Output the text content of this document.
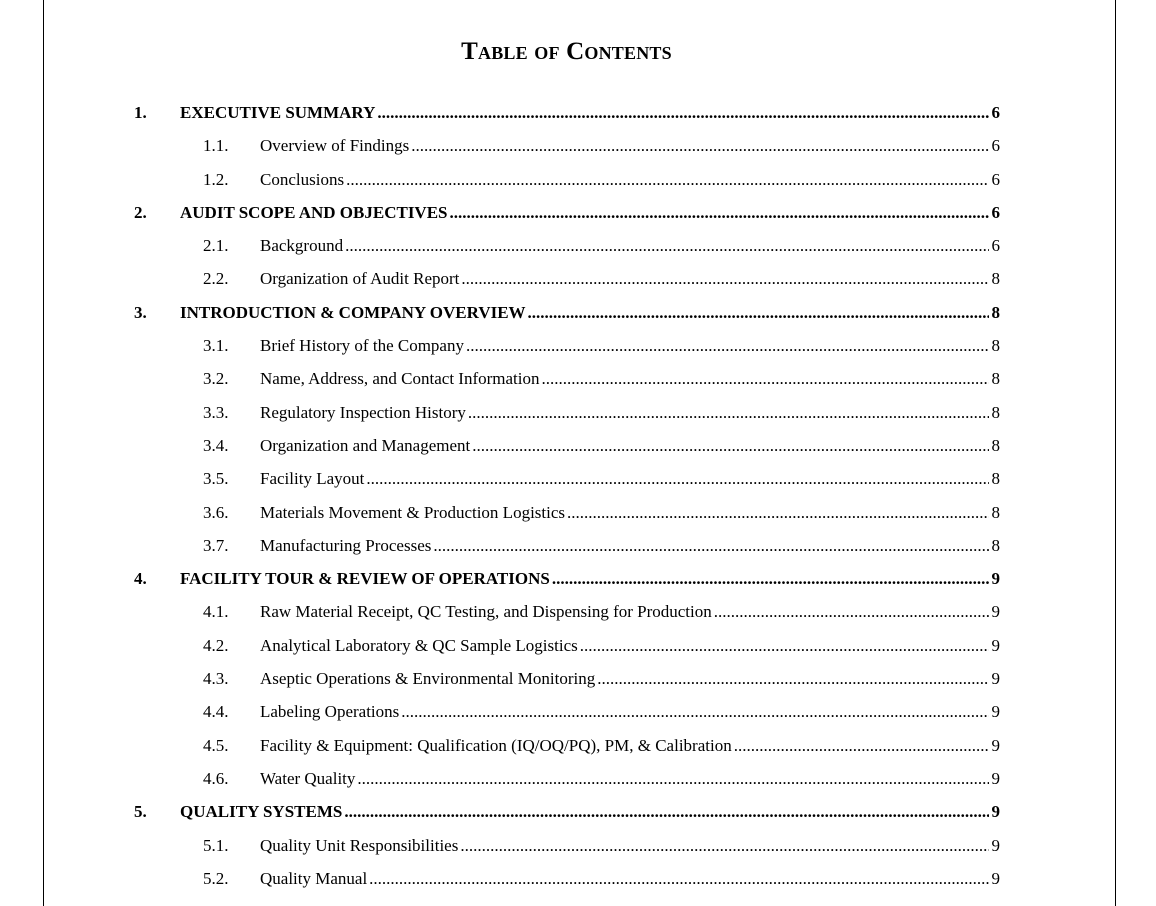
Table of Contents
1. EXECUTIVE SUMMARY .....	6
1.1. Overview of Findings .....	6
1.2. Conclusions .....	6
2. AUDIT SCOPE AND OBJECTIVES .....	6
2.1. Background .....	6
2.2. Organization of Audit Report .....	8
3. INTRODUCTION & COMPANY OVERVIEW .....	8
3.1. Brief History of the Company .....	8
3.2. Name, Address, and Contact Information .....	8
3.3. Regulatory Inspection History .....	8
3.4. Organization and Management .....	8
3.5. Facility Layout .....	8
3.6. Materials Movement & Production Logistics .....	8
3.7. Manufacturing Processes .....	8
4. FACILITY TOUR & REVIEW OF OPERATIONS .....	9
4.1. Raw Material Receipt, QC Testing, and Dispensing for Production .....	9
4.2. Analytical Laboratory & QC Sample Logistics .....	9
4.3. Aseptic Operations & Environmental Monitoring .....	9
4.4. Labeling Operations .....	9
4.5. Facility & Equipment: Qualification (IQ/OQ/PQ), PM, & Calibration .....	9
4.6. Water Quality .....	9
5. QUALITY SYSTEMS .....	9
5.1. Quality Unit Responsibilities .....	9
5.2. Quality Manual .....	9
